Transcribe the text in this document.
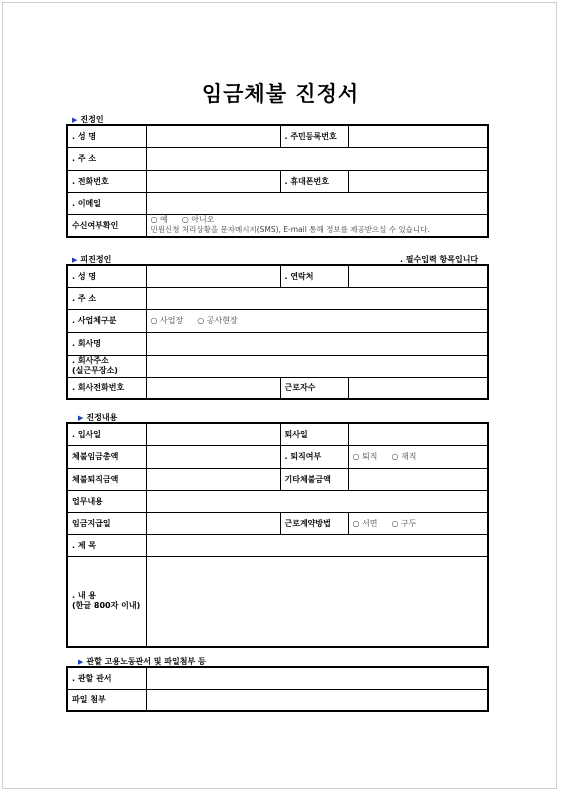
임금체불 진정서
▶ 진정인
. 성 명		. 주민등록번호	
. 주 소			
. 전화번호		. 휴대폰번호	
. 이메일			
수신여부확인	○ 예 ○ 아니오
민원신청 처리상황을 문자메시지(SMS), E-mail 통해 정보를 제공받으실 수 있습니다.		
▶ 피진정인	. 필수입력 항목입니다
. 성 명		. 연락처	
. 주 소			
. 사업체구분	○ 사업장 ○ 공사현장		
. 회사명			
. 회사주소
(실근무장소)			
. 회사전화번호		근로자수	
▶ 진정내용
. 입사일		퇴사일	
체불임금총액		. 퇴직여부	○ 퇴직 ○ 재직
체불퇴직금액		기타체불금액	
업무내용			
임금지급일		근로계약방법	○ 서면 ○ 구두
. 제 목			
. 내 용
(한글 800자 이내)			
▶ 관할 고용노동관서 및 파일첨부 등
. 관할 관서	
파일 첨부	
